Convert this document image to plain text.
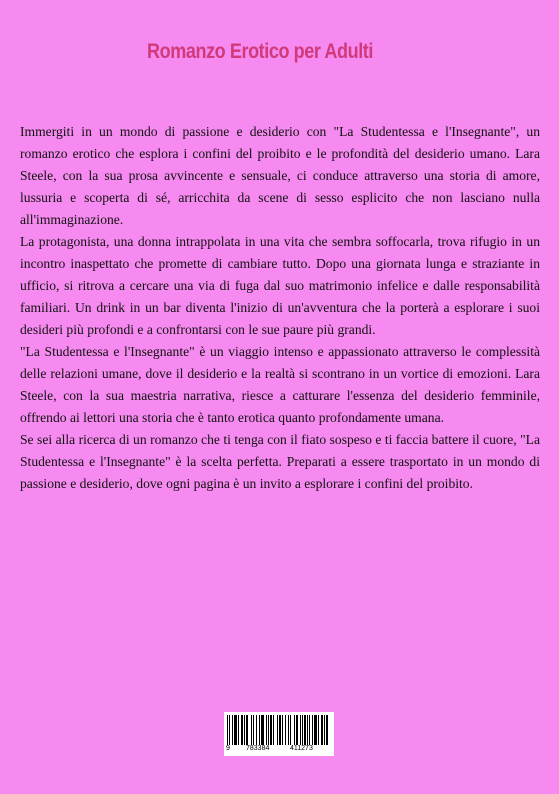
Romanzo Erotico per Adulti

Immergiti in un mondo di passione e desiderio con "La Studentessa e l'Insegnante", un romanzo erotico che esplora i confini del proibito e le profondità del desiderio umano. Lara Steele, con la sua prosa avvincente e sensuale, ci conduce attraverso una storia di amore, lussuria e scoperta di sé, arricchita da scene di sesso esplicito che non lasciano nulla all'immaginazione.

La protagonista, una donna intrappolata in una vita che sembra soffocarla, trova rifugio in un incontro inaspettato che promette di cambiare tutto. Dopo una giornata lunga e straziante in ufficio, si ritrova a cercare una via di fuga dal suo matrimonio infelice e dalle responsabilità familiari. Un drink in un bar diventa l'inizio di un'avventura che la porterà a esplorare i suoi desideri più profondi e a confrontarsi con le sue paure più grandi.

"La Studentessa e l'Insegnante" è un viaggio intenso e appassionato attraverso le complessità delle relazioni umane, dove il desiderio e la realtà si scontrano in un vortice di emozioni. Lara Steele, con la sua maestria narrativa, riesce a catturare l'essenza del desiderio femminile, offrendo ai lettori una storia che è tanto erotica quanto profondamente umana.

Se sei alla ricerca di un romanzo che ti tenga con il fiato sospeso e ti faccia battere il cuore, "La Studentessa e l'Insegnante" è la scelta perfetta. Preparati a essere trasportato in un mondo di passione e desiderio, dove ogni pagina è un invito a esplorare i confini del proibito.

9 783384	411273
